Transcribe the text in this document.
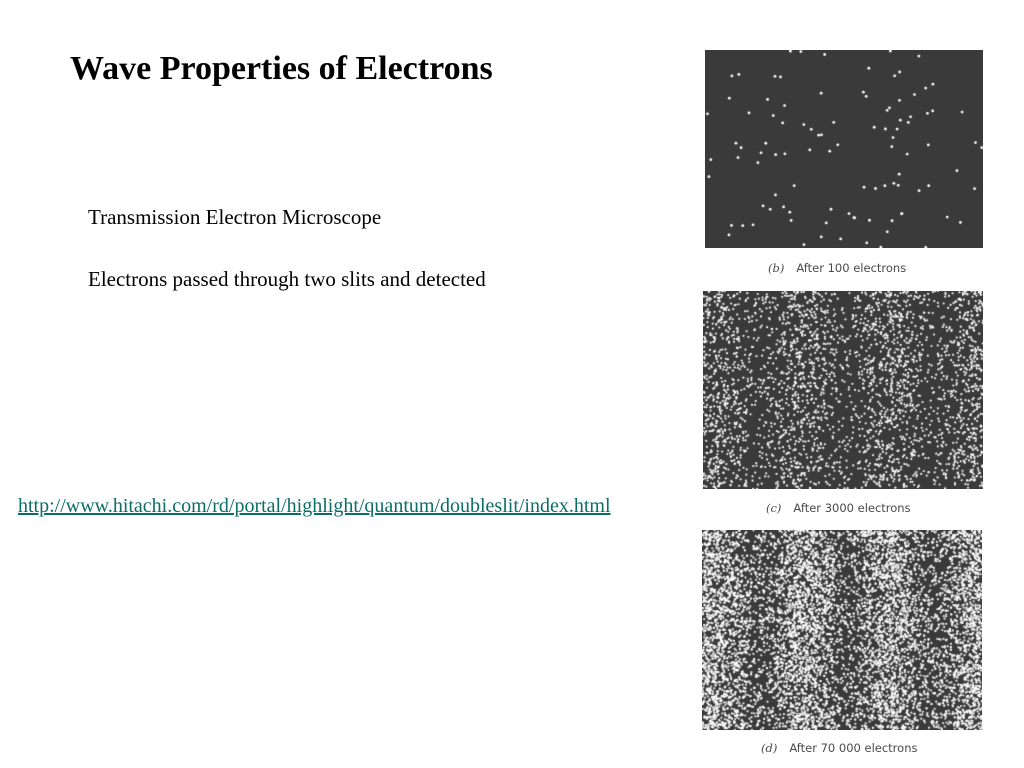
Wave Properties of Electrons

Transmission Electron Microscope

Electrons passed through two slits and detected

http://www.hitachi.com/rd/portal/highlight/quantum/doubleslit/index.html
(b) After 100 electrons
(c) After 3000 electrons
(d) After 70 000 electrons
